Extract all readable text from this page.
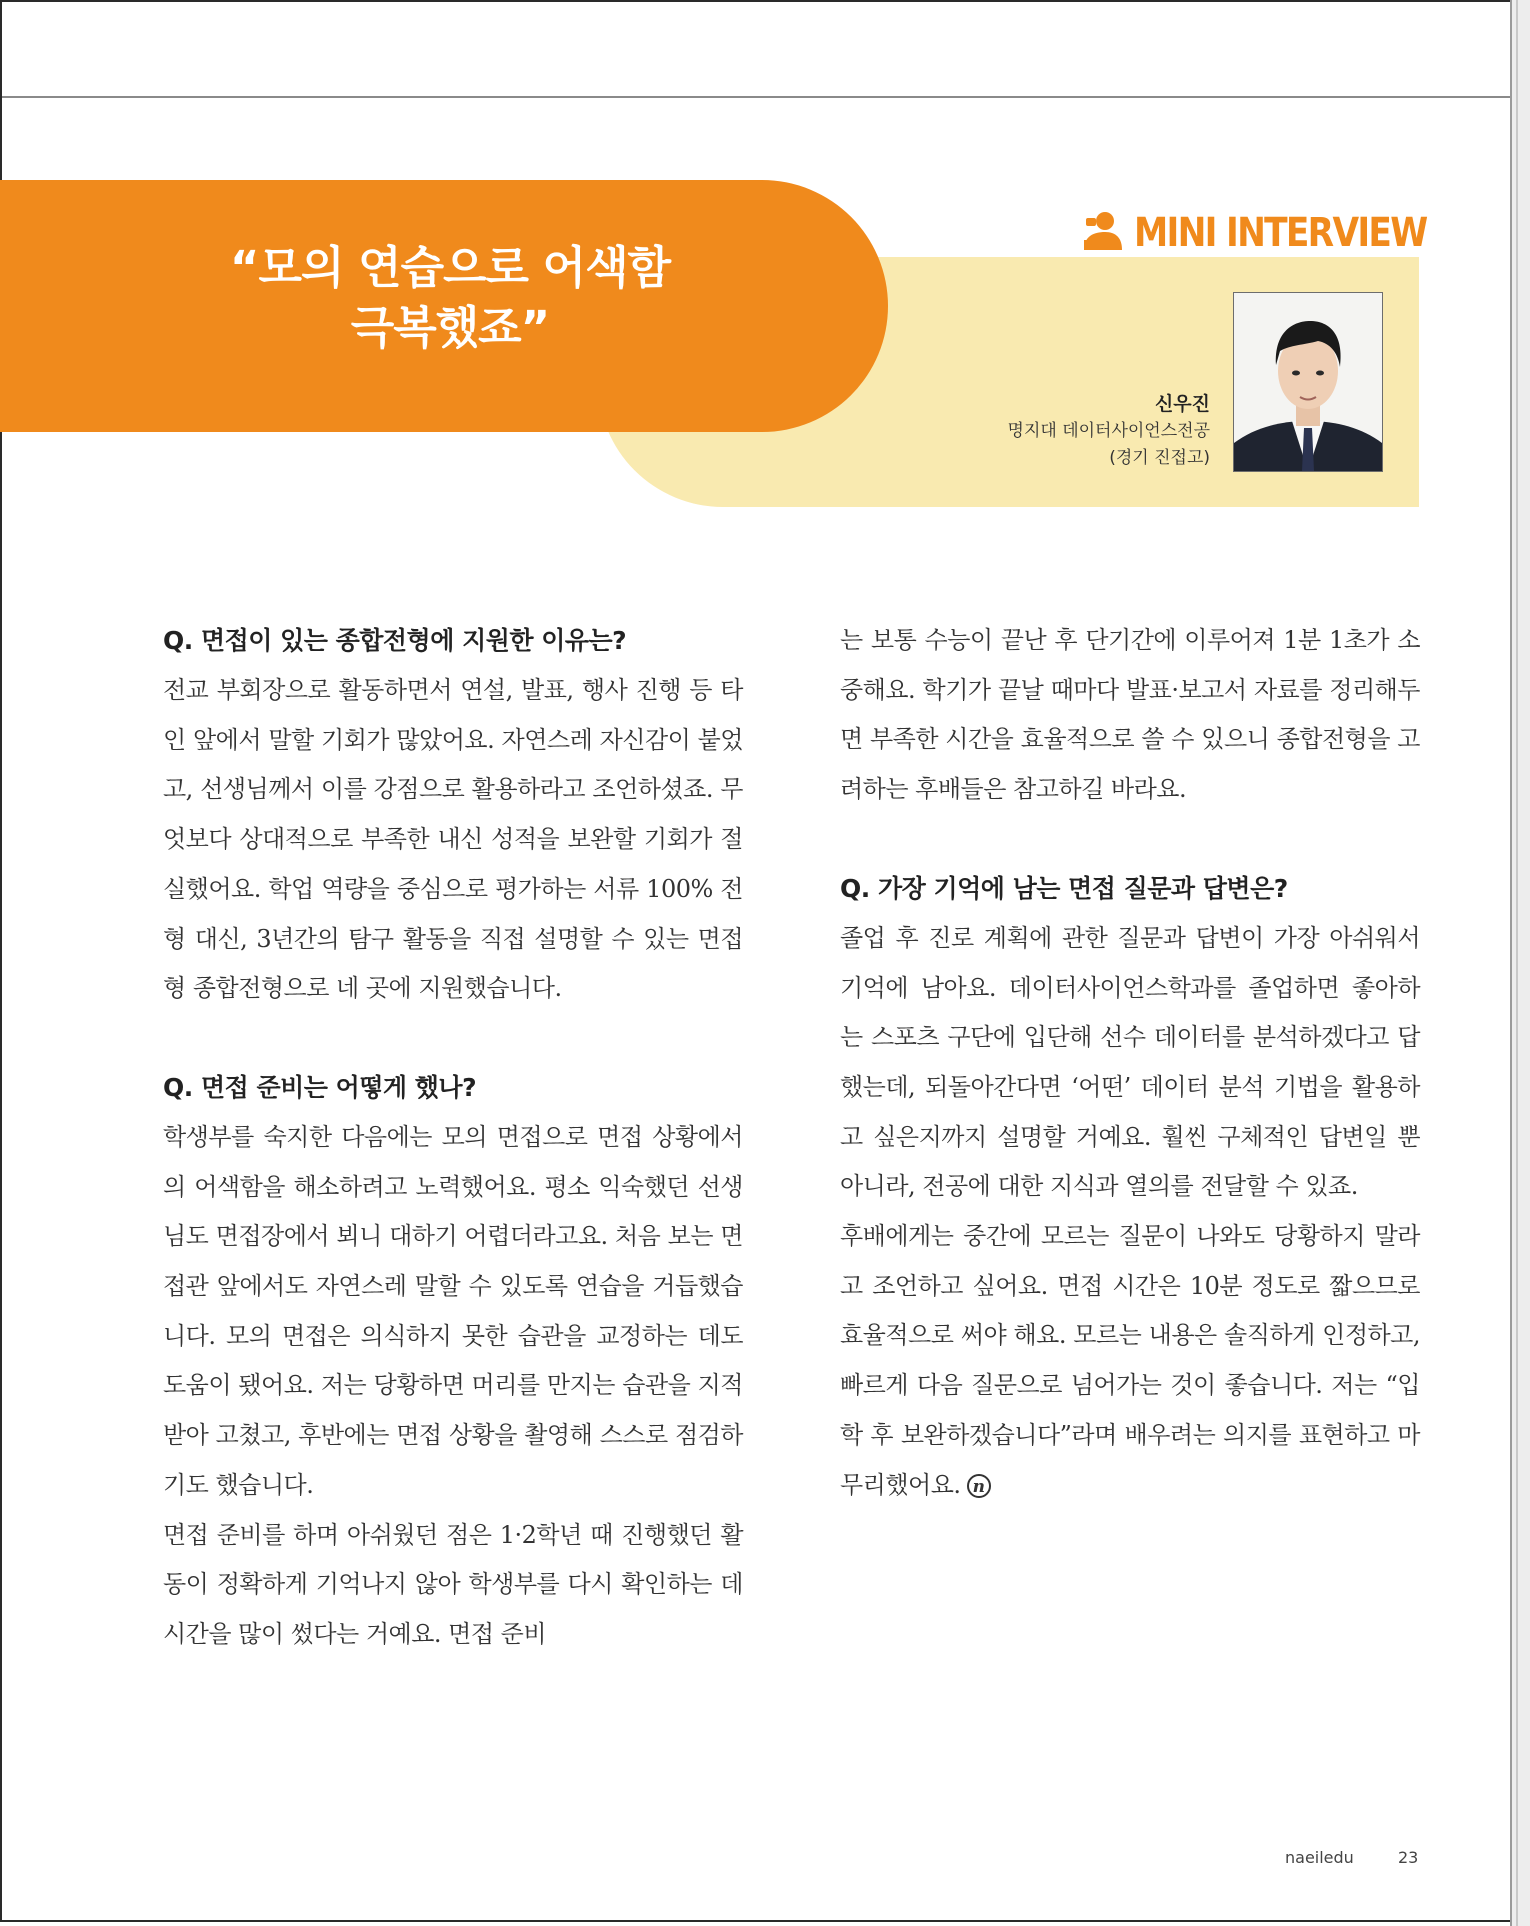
“모의 연습으로 어색함
극복했죠”
MINI INTERVIEW
신우진
명지대 데이터사이언스전공
(경기 진접고)

Q. 면접이 있는 종합전형에 지원한 이유는?

전교 부회장으로 활동하면서 연설, 발표, 행사 진행 등 타인 앞에서 말할 기회가 많았어요. 자연스레 자신감이 붙었고, 선생님께서 이를 강점으로 활용하라고 조언하셨죠. 무엇보다 상대적으로 부족한 내신 성적을 보완할 기회가 절실했어요. 학업 역량을 중심으로 평가하는 서류 100% 전형 대신, 3년간의 탐구 활동을 직접 설명할 수 있는 면접형 종합전형으로 네 곳에 지원했습니다.

Q. 면접 준비는 어떻게 했나?

학생부를 숙지한 다음에는 모의 면접으로 면접 상황에서의 어색함을 해소하려고 노력했어요. 평소 익숙했던 선생님도 면접장에서 뵈니 대하기 어렵더라고요. 처음 보는 면접관 앞에서도 자연스레 말할 수 있도록 연습을 거듭했습니다. 모의 면접은 의식하지 못한 습관을 교정하는 데도 도움이 됐어요. 저는 당황하면 머리를 만지는 습관을 지적받아 고쳤고, 후반에는 면접 상황을 촬영해 스스로 점검하기도 했습니다.

면접 준비를 하며 아쉬웠던 점은 1·2학년 때 진행했던 활동이 정확하게 기억나지 않아 학생부를 다시 확인하는 데 시간을 많이 썼다는 거예요. 면접 준비

는 보통 수능이 끝난 후 단기간에 이루어져 1분 1초가 소중해요. 학기가 끝날 때마다 발표·보고서 자료를 정리해두면 부족한 시간을 효율적으로 쓸 수 있으니 종합전형을 고려하는 후배들은 참고하길 바라요.

Q. 가장 기억에 남는 면접 질문과 답변은?

졸업 후 진로 계획에 관한 질문과 답변이 가장 아쉬워서 기억에 남아요. 데이터사이언스학과를 졸업하면 좋아하는 스포츠 구단에 입단해 선수 데이터를 분석하겠다고 답했는데, 되돌아간다면 ‘어떤’ 데이터 분석 기법을 활용하고 싶은지까지 설명할 거예요. 훨씬 구체적인 답변일 뿐 아니라, 전공에 대한 지식과 열의를 전달할 수 있죠.

후배에게는 중간에 모르는 질문이 나와도 당황하지 말라고 조언하고 싶어요. 면접 시간은 10분 정도로 짧으므로 효율적으로 써야 해요. 모르는 내용은 솔직하게 인정하고, 빠르게 다음 질문으로 넘어가는 것이 좋습니다. 저는 “입학 후 보완하겠습니다”라며 배우려는 의지를 표현하고 마무리했어요. n

naeiledu	23
